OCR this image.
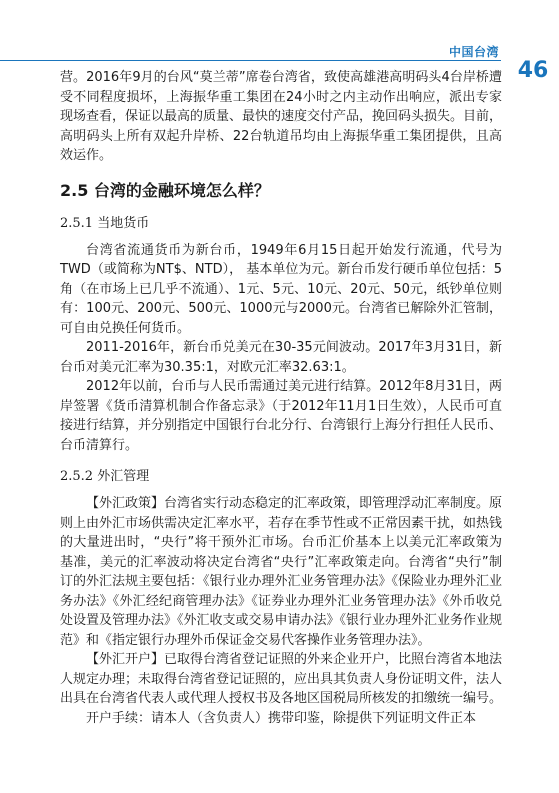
中国台湾
46

营。2016年9月的台风“莫兰蒂”席卷台湾省，致使高雄港高明码头4台岸桥遭受不同程度损坏，上海振华重工集团在24小时之内主动作出响应，派出专家现场查看，保证以最高的质量、最快的速度交付产品，挽回码头损失。目前，高明码头上所有双起升岸桥、22台轨道吊均由上海振华重工集团提供，且高效运作。

2.5 台湾的金融环境怎么样？
2.5.1 当地货币

台湾省流通货币为新台币，1949年6月15日起开始发行流通，代号为TWD（或简称为NT$、NTD）， 基本单位为元。新台币发行硬币单位包括：5角（在市场上已几乎不流通）、1元、5元、10元、20元、50元，纸钞单位则有：100元、200元、500元、1000元与2000元。台湾省已解除外汇管制，可自由兑换任何货币。

2011-2016年，新台币兑美元在30-35元间波动。2017年3月31日，新台币对美元汇率为30.35:1，对欧元汇率32.63:1。

2012年以前，台币与人民币需通过美元进行结算。2012年8月31日，两岸签署《货币清算机制合作备忘录》（于2012年11月1日生效），人民币可直接进行结算，并分别指定中国银行台北分行、台湾银行上海分行担任人民币、台币清算行。

2.5.2 外汇管理

【外汇政策】台湾省实行动态稳定的汇率政策，即管理浮动汇率制度。原则上由外汇市场供需决定汇率水平，若存在季节性或不正常因素干扰，如热钱的大量进出时，“央行”将干预外汇市场。台币汇价基本上以美元汇率政策为基准，美元的汇率波动将决定台湾省“央行”汇率政策走向。台湾省“央行”制订的外汇法规主要包括：《银行业办理外汇业务管理办法》《保险业办理外汇业务办法》《外汇经纪商管理办法》《证券业办理外汇业务管理办法》《外币收兑处设置及管理办法》《外汇收支或交易申请办法》《银行业办理外汇业务作业规范》和《指定银行办理外币保证金交易代客操作业务管理办法》。

【外汇开户】已取得台湾省登记证照的外来企业开户，比照台湾省本地法人规定办理；未取得台湾省登记证照的，应出具其负责人身份证明文件，法人出具在台湾省代表人或代理人授权书及各地区国税局所核发的扣缴统一编号。

开户手续：请本人（含负责人）携带印鉴，除提供下列证明文件正本
